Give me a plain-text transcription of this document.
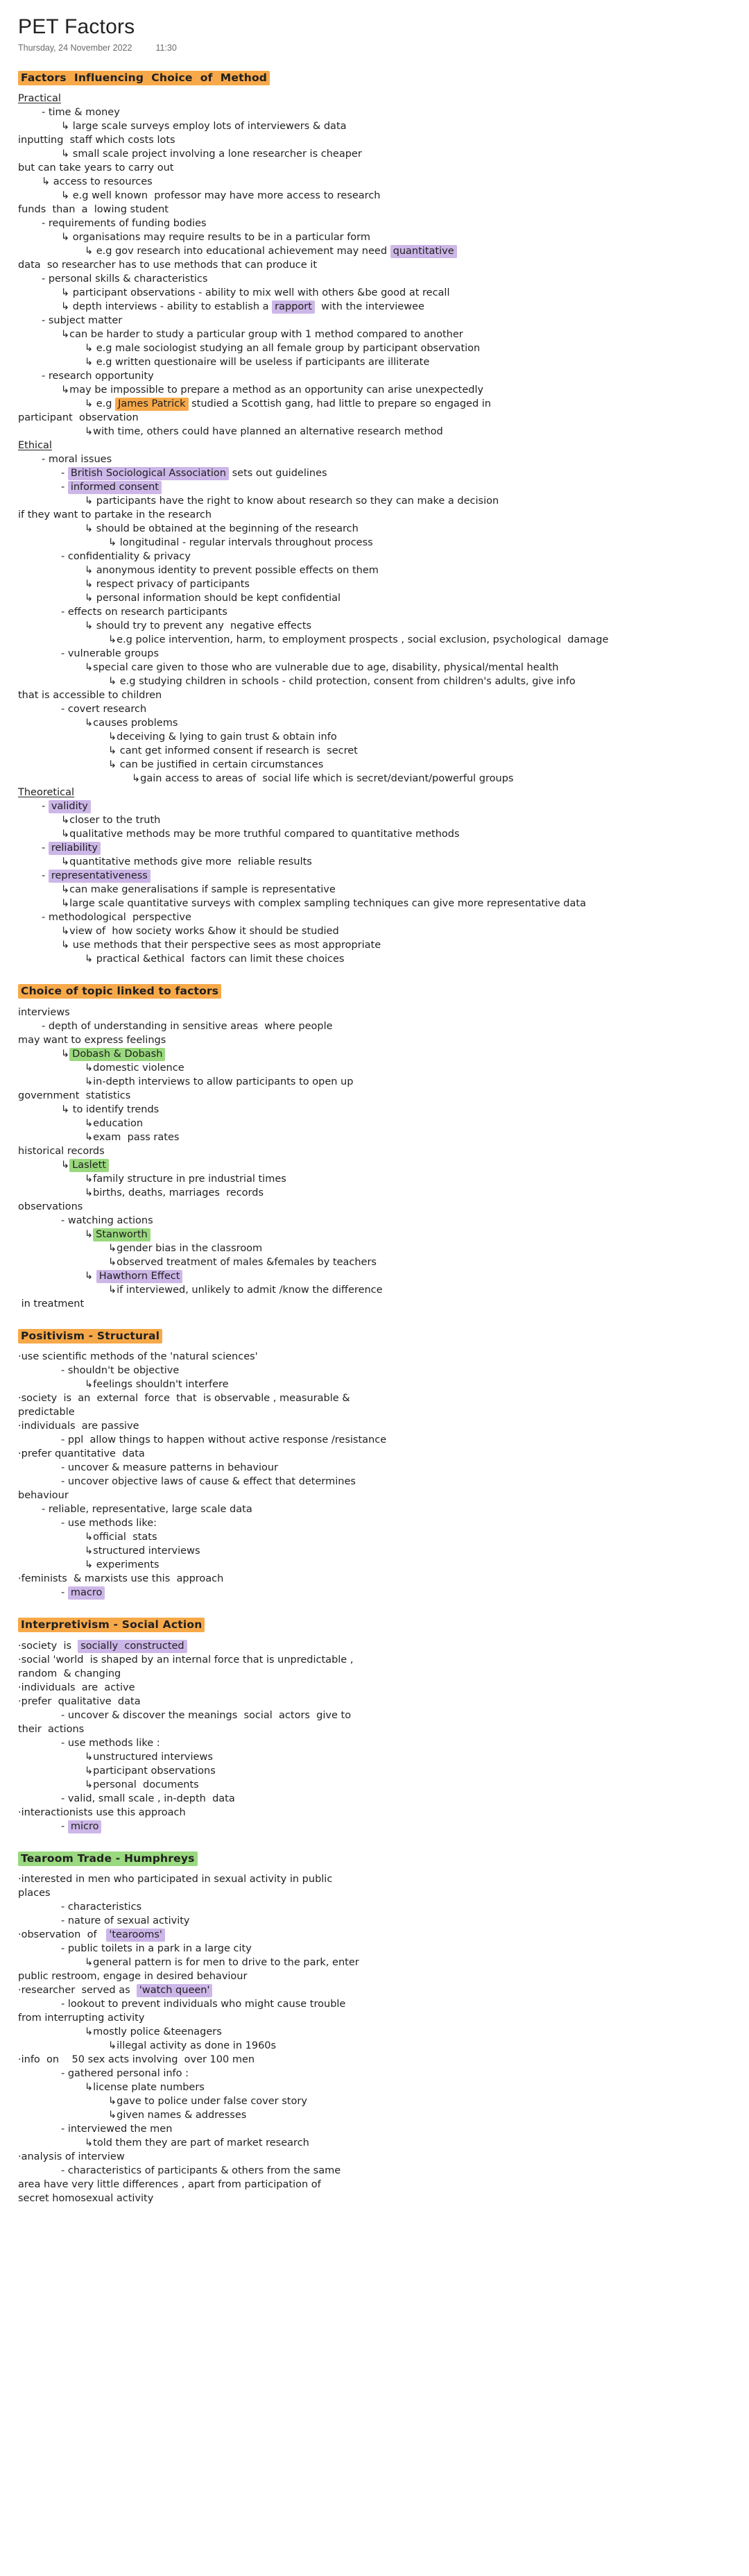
PET Factors
Thursday, 24 November 2022	11:30
Factors  Influencing  Choice  of  Method
Practical
- time & money
↳ large scale surveys employ lots of interviewers & data
inputting  staff which costs lots
↳ small scale project involving a lone researcher is cheaper
but can take years to carry out
↳ access to resources
↳ e.g well known  professor may have more access to research
funds  than  a  lowing student
- requirements of funding bodies
↳ organisations may require results to be in a particular form
↳ e.g gov research into educational achievement may need quantitative
data  so researcher has to use methods that can produce it
- personal skills & characteristics
↳ participant observations - ability to mix well with others &be good at recall
↳ depth interviews - ability to establish a rapport  with the interviewee
- subject matter
↳can be harder to study a particular group with 1 method compared to another
↳ e.g male sociologist studying an all female group by participant observation
↳ e.g written questionaire will be useless if participants are illiterate
- research opportunity
↳may be impossible to prepare a method as an opportunity can arise unexpectedly
↳ e.g James Patrick studied a Scottish gang, had little to prepare so engaged in
participant  observation
↳with time, others could have planned an alternative research method
Ethical
- moral issues
- British Sociological Association sets out guidelines
- informed consent
↳ participants have the right to know about research so they can make a decision
if they want to partake in the research
↳ should be obtained at the beginning of the research
↳ longitudinal - regular intervals throughout process
- confidentiality & privacy
↳ anonymous identity to prevent possible effects on them
↳ respect privacy of participants
↳ personal information should be kept confidential
- effects on research participants
↳ should try to prevent any  negative effects
↳e.g police intervention, harm, to employment prospects , social exclusion, psychological  damage
- vulnerable groups
↳special care given to those who are vulnerable due to age, disability, physical/mental health
↳ e.g studying children in schools - child protection, consent from children's adults, give info
that is accessible to children
- covert research
↳causes problems
↳deceiving & lying to gain trust & obtain info
↳ cant get informed consent if research is  secret
↳ can be justified in certain circumstances
↳gain access to areas of  social life which is secret/deviant/powerful groups
Theoretical
- validity
↳closer to the truth
↳qualitative methods may be more truthful compared to quantitative methods
- reliability
↳quantitative methods give more  reliable results
- representativeness
↳can make generalisations if sample is representative
↳large scale quantitative surveys with complex sampling techniques can give more representative data
- methodological  perspective
↳view of  how society works &how it should be studied
↳ use methods that their perspective sees as most appropriate
↳ practical &ethical  factors can limit these choices
Choice of topic linked to factors
interviews
- depth of understanding in sensitive areas  where people
may want to express feelings
↳ Dobash & Dobash
↳domestic violence
↳in-depth interviews to allow participants to open up
government  statistics
↳ to identify trends
↳education
↳exam  pass rates
historical records
↳ Laslett
↳family structure in pre industrial times
↳births, deaths, marriages  records
observations
- watching actions
↳ Stanworth
↳gender bias in the classroom
↳observed treatment of males &females by teachers
↳ Hawthorn Effect
↳if interviewed, unlikely to admit /know the difference
in treatment
Positivism - Structural
·use scientific methods of the 'natural sciences'
- shouldn't be objective
↳feelings shouldn't interfere
·society  is  an  external  force  that  is observable , measurable &
predictable
·individuals  are passive
- ppl  allow things to happen without active response /resistance
·prefer quantitative  data
- uncover & measure patterns in behaviour
- uncover objective laws of cause & effect that determines
behaviour
- reliable, representative, large scale data
- use methods like:
↳official  stats
↳structured interviews
↳ experiments
·feminists  & marxists use this  approach
- macro
Interpretivism - Social Action
·society  is  socially  constructed
·social 'world  is shaped by an internal force that is unpredictable ,
random  & changing
·individuals  are  active
·prefer  qualitative  data
- uncover & discover the meanings  social  actors  give to
their  actions
- use methods like :
↳unstructured interviews
↳participant observations
↳personal  documents
- valid, small scale , in-depth  data
·interactionists use this approach
- micro
Tearoom Trade - Humphreys
·interested in men who participated in sexual activity in public
places
- characteristics
- nature of sexual activity
·observation  of   'tearooms'
- public toilets in a park in a large city
↳general pattern is for men to drive to the park, enter
public restroom, engage in desired behaviour
·researcher  served as  'watch queen'
- lookout to prevent individuals who might cause trouble
from interrupting activity
↳mostly police &teenagers
↳illegal activity as done in 1960s
·info  on    50 sex acts involving  over 100 men
- gathered personal info :
↳license plate numbers
↳gave to police under false cover story
↳given names & addresses
- interviewed the men
↳told them they are part of market research
·analysis of interview
- characteristics of participants & others from the same
area have very little differences , apart from participation of
secret homosexual activity
